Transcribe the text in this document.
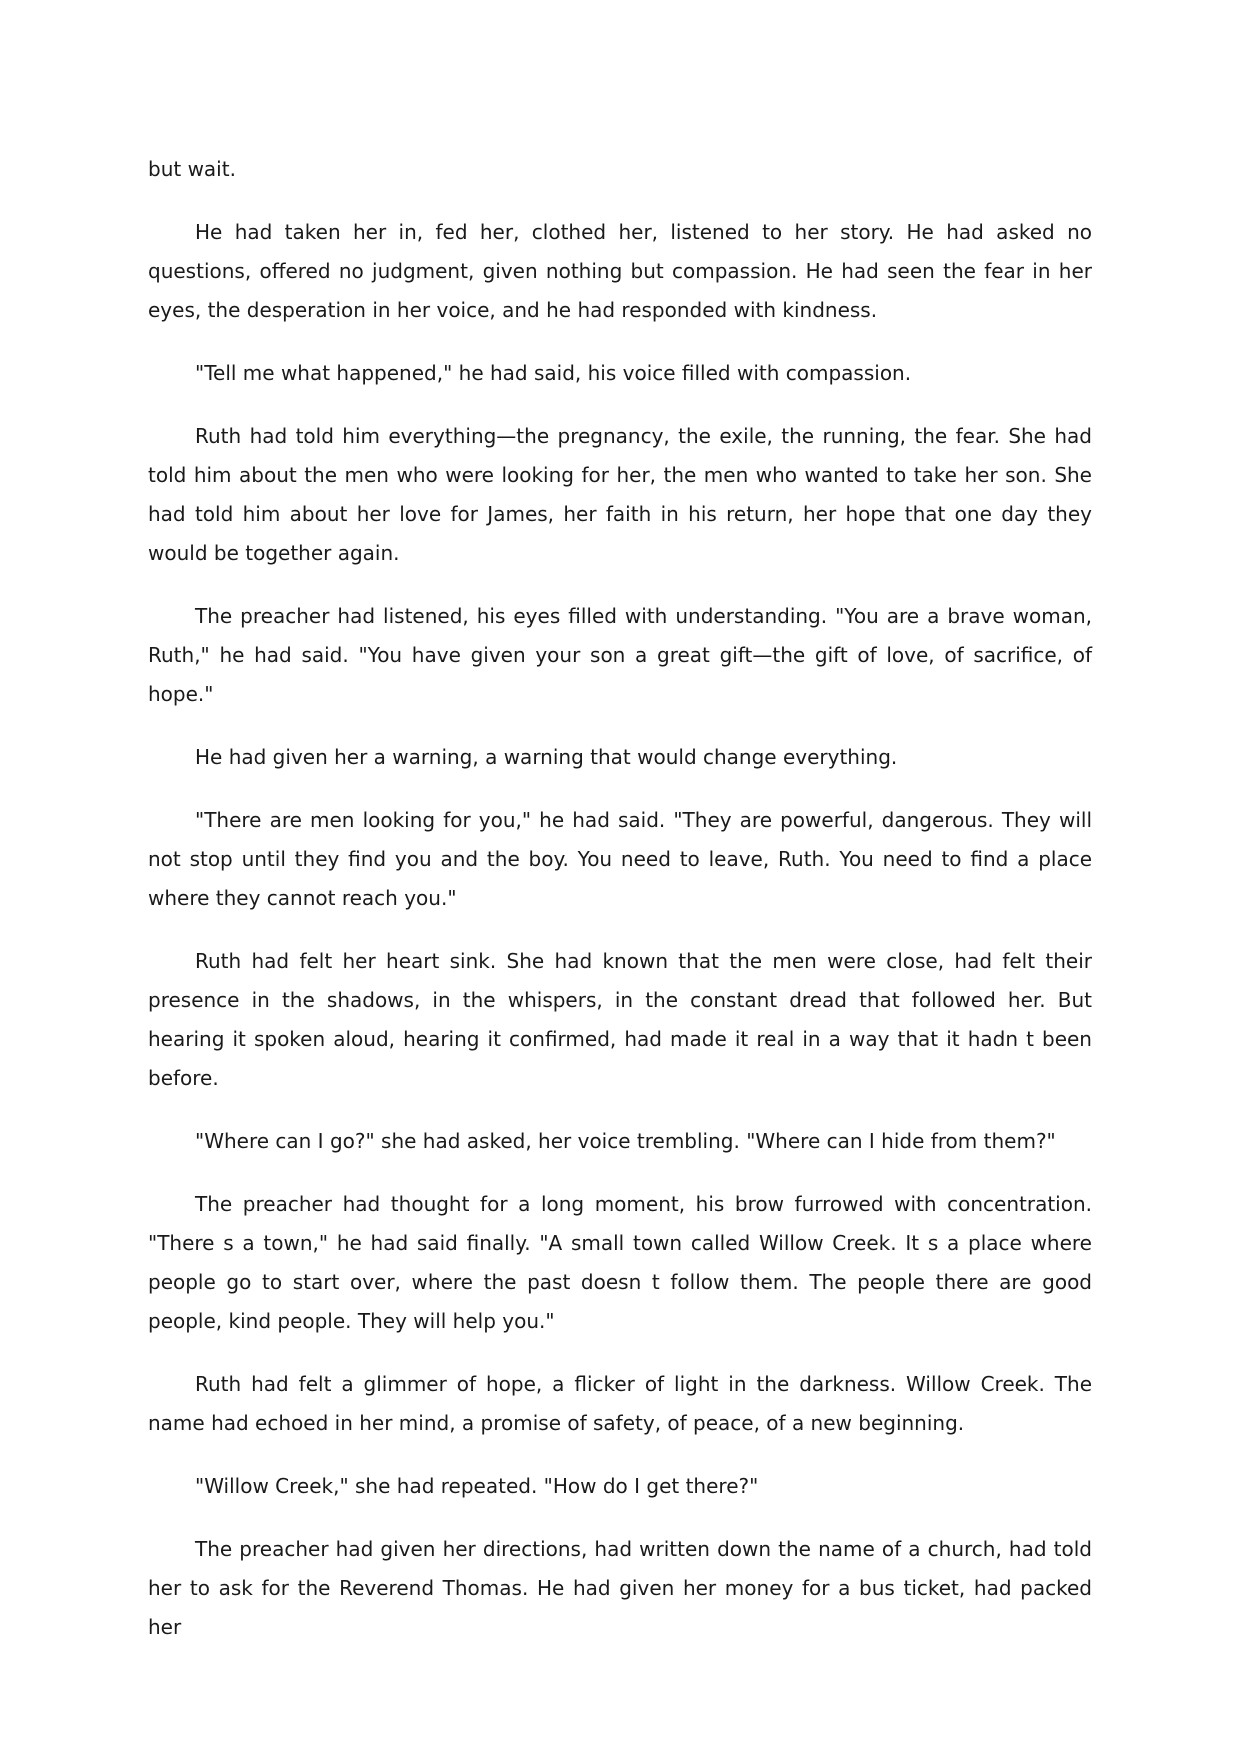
but wait.

He had taken her in, fed her, clothed her, listened to her story. He had asked no questions, offered no judgment, given nothing but compassion. He had seen the fear in her eyes, the desperation in her voice, and he had responded with kindness.

"Tell me what happened," he had said, his voice filled with compassion.

Ruth had told him everything—the pregnancy, the exile, the running, the fear. She had told him about the men who were looking for her, the men who wanted to take her son. She had told him about her love for James, her faith in his return, her hope that one day they would be together again.

The preacher had listened, his eyes filled with understanding. "You are a brave woman, Ruth," he had said. "You have given your son a great gift—the gift of love, of sacrifice, of hope."

He had given her a warning, a warning that would change everything.

"There are men looking for you," he had said. "They are powerful, dangerous. They will not stop until they find you and the boy. You need to leave, Ruth. You need to find a place where they cannot reach you."

Ruth had felt her heart sink. She had known that the men were close, had felt their presence in the shadows, in the whispers, in the constant dread that followed her. But hearing it spoken aloud, hearing it confirmed, had made it real in a way that it hadn t been before.

"Where can I go?" she had asked, her voice trembling. "Where can I hide from them?"

The preacher had thought for a long moment, his brow furrowed with concentration. "There s a town," he had said finally. "A small town called Willow Creek. It s a place where people go to start over, where the past doesn t follow them. The people there are good people, kind people. They will help you."

Ruth had felt a glimmer of hope, a flicker of light in the darkness. Willow Creek. The name had echoed in her mind, a promise of safety, of peace, of a new beginning.

"Willow Creek," she had repeated. "How do I get there?"

The preacher had given her directions, had written down the name of a church, had told her to ask for the Reverend Thomas. He had given her money for a bus ticket, had packed her
